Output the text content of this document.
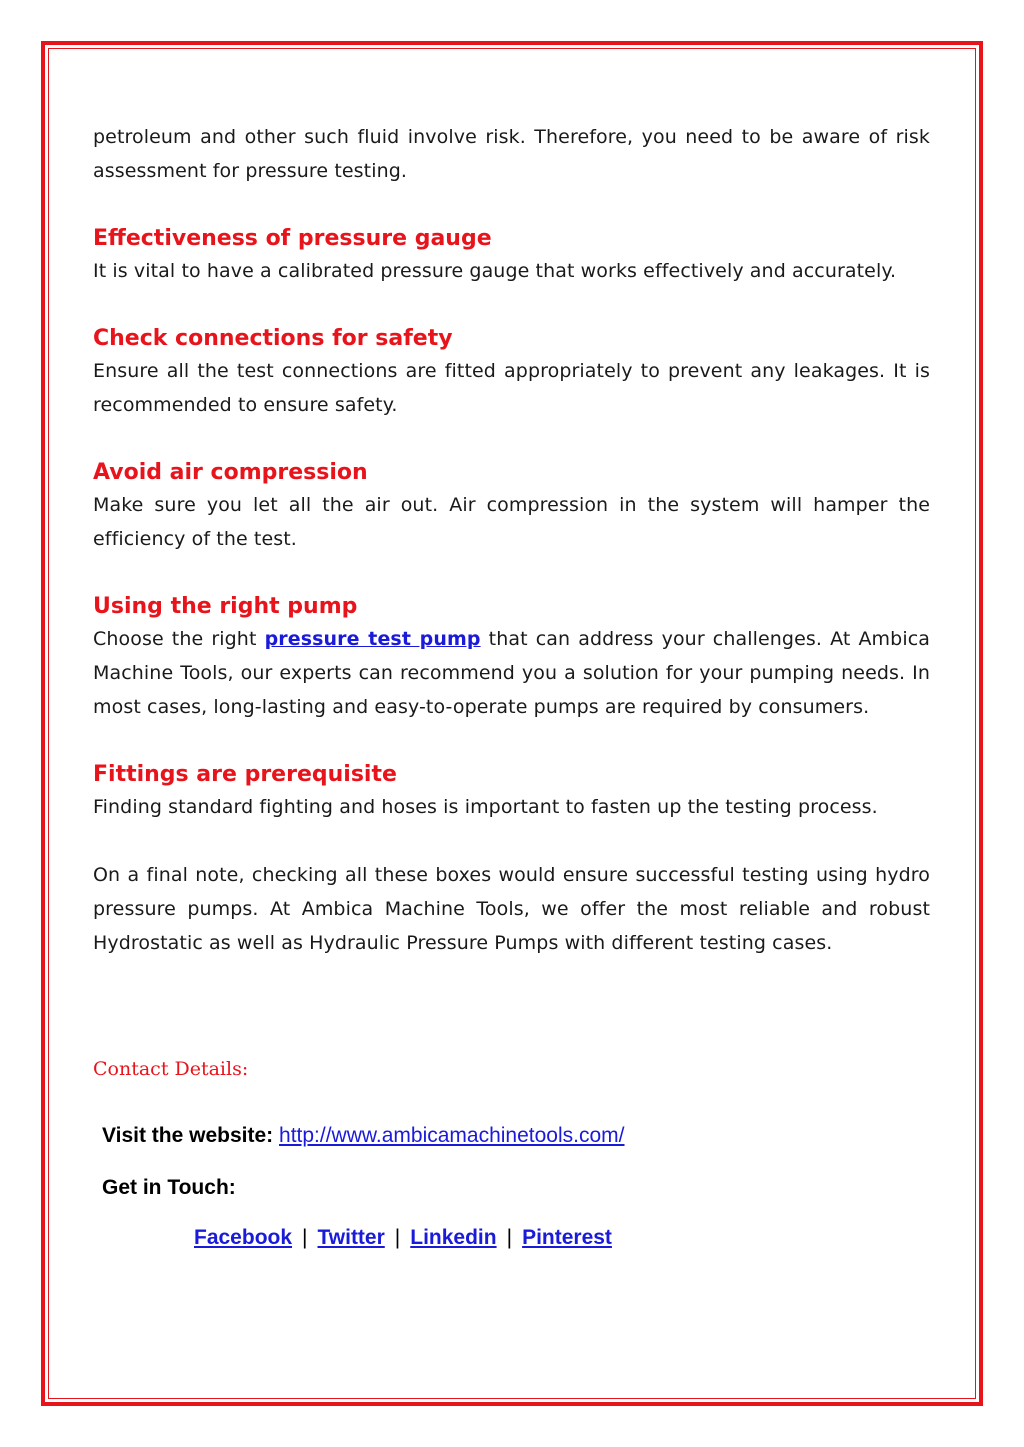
petroleum and other such fluid involve risk. Therefore, you need to be aware of risk assessment for pressure testing.

Effectiveness of pressure gauge

It is vital to have a calibrated pressure gauge that works effectively and accurately.

Check connections for safety

Ensure all the test connections are fitted appropriately to prevent any leakages. It is recommended to ensure safety.

Avoid air compression

Make sure you let all the air out. Air compression in the system will hamper the efficiency of the test.

Using the right pump

Choose the right pressure test pump that can address your challenges. At Ambica Machine Tools, our experts can recommend you a solution for your pumping needs. In most cases, long-lasting and easy-to-operate pumps are required by consumers.

Fittings are prerequisite

Finding standard fighting and hoses is important to fasten up the testing process.

On a final note, checking all these boxes would ensure successful testing using hydro pressure pumps. At Ambica Machine Tools, we offer the most reliable and robust Hydrostatic as well as Hydraulic Pressure Pumps with different testing cases.

Contact Details:

Visit the website: http://www.ambicamachinetools.com/

Get in Touch:

Facebook | Twitter | Linkedin | Pinterest
